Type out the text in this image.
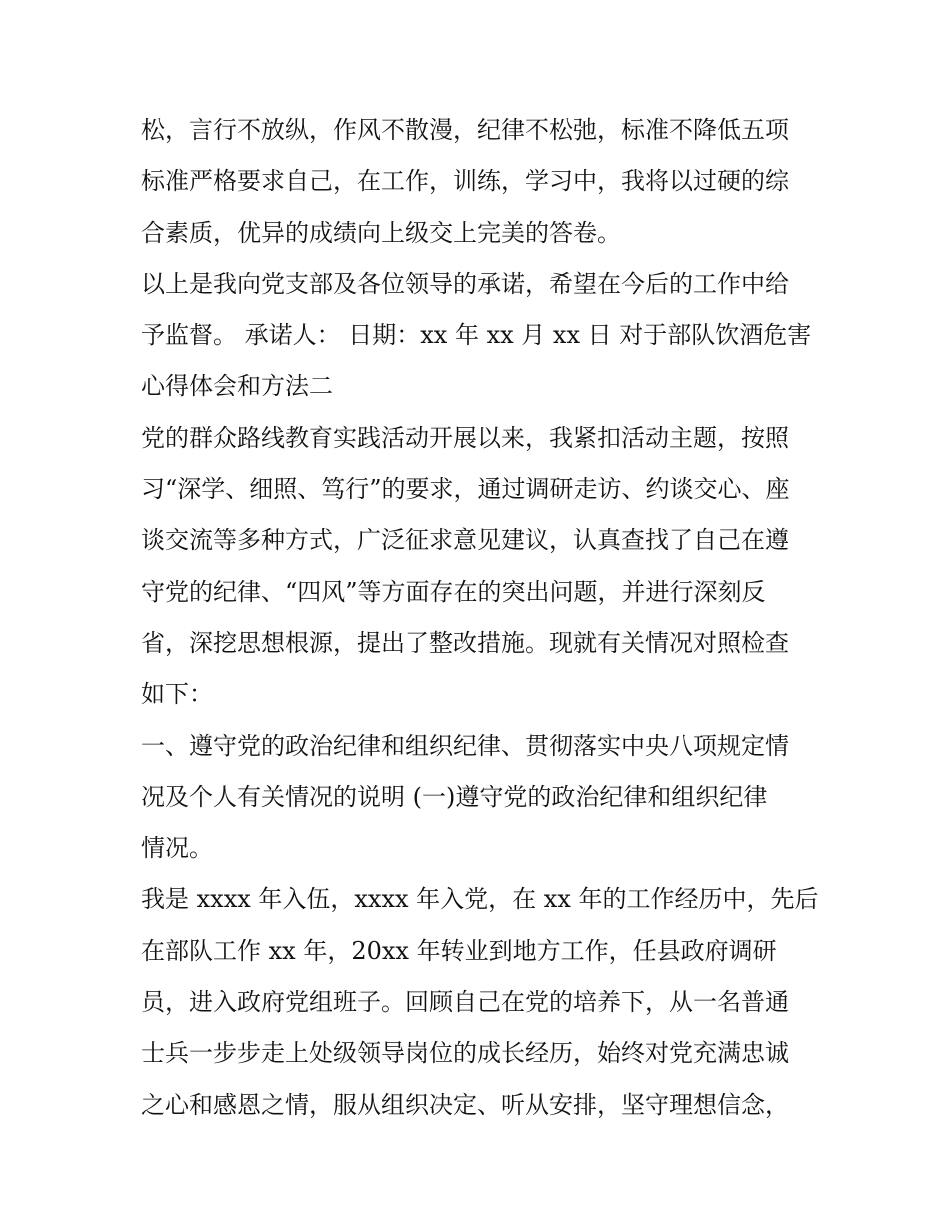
松，言行不放纵，作风不散漫，纪律不松弛，标准不降低五项
标准严格要求自己，在工作，训练，学习中，我将以过硬的综
合素质，优异的成绩向上级交上完美的答卷。
以上是我向党支部及各位领导的承诺，希望在今后的工作中给
予监督。 承诺人： 日期：xx 年 xx 月 xx 日 对于部队饮酒危害
心得体会和方法二
党的群众路线教育实践活动开展以来，我紧扣活动主题，按照
习“深学、细照、笃行”的要求，通过调研走访、约谈交心、座
谈交流等多种方式，广泛征求意见建议，认真查找了自己在遵
守党的纪律、“四风”等方面存在的突出问题，并进行深刻反
省，深挖思想根源，提出了整改措施。现就有关情况对照检查
如下：
一、遵守党的政治纪律和组织纪律、贯彻落实中央八项规定情
况及个人有关情况的说明 (一)遵守党的政治纪律和组织纪律
情况。
我是 xxxx 年入伍，xxxx 年入党，在 xx 年的工作经历中，先后
在部队工作 xx 年，20xx 年转业到地方工作，任县政府调研
员，进入政府党组班子。回顾自己在党的培养下，从一名普通
士兵一步步走上处级领导岗位的成长经历，始终对党充满忠诚
之心和感恩之情，服从组织决定、听从安排，坚守理想信念，
